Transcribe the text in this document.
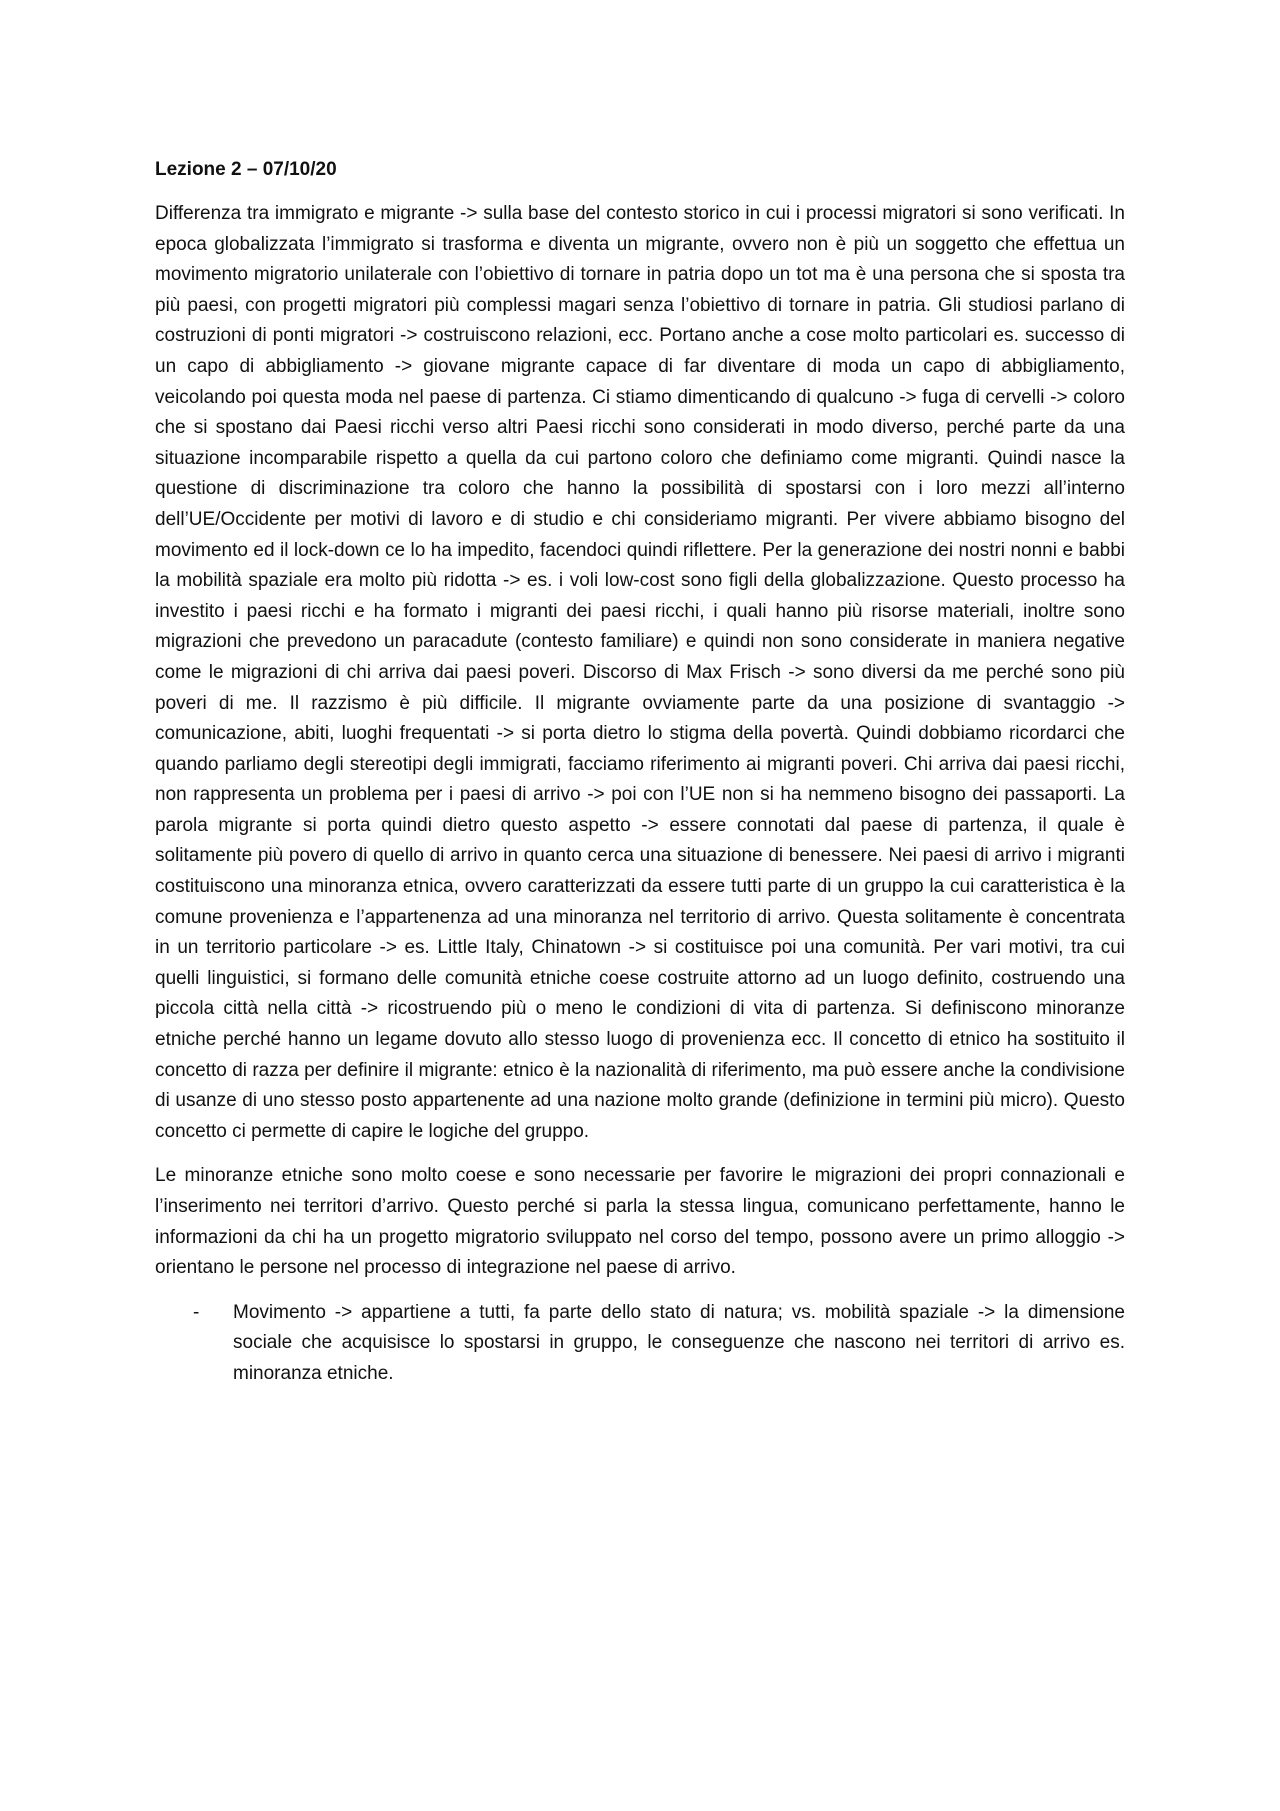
Lezione 2 – 07/10/20

Differenza tra immigrato e migrante -> sulla base del contesto storico in cui i processi migratori si sono verificati. In epoca globalizzata l’immigrato si trasforma e diventa un migrante, ovvero non è più un soggetto che effettua un movimento migratorio unilaterale con l’obiettivo di tornare in patria dopo un tot ma è una persona che si sposta tra più paesi, con progetti migratori più complessi magari senza l’obiettivo di tornare in patria. Gli studiosi parlano di costruzioni di ponti migratori -> costruiscono relazioni, ecc. Portano anche a cose molto particolari es. successo di un capo di abbigliamento -> giovane migrante capace di far diventare di moda un capo di abbigliamento, veicolando poi questa moda nel paese di partenza. Ci stiamo dimenticando di qualcuno -> fuga di cervelli -> coloro che si spostano dai Paesi ricchi verso altri Paesi ricchi sono considerati in modo diverso, perché parte da una situazione incomparabile rispetto a quella da cui partono coloro che definiamo come migranti. Quindi nasce la questione di discriminazione tra coloro che hanno la possibilità di spostarsi con i loro mezzi all’interno dell’UE/Occidente per motivi di lavoro e di studio e chi consideriamo migranti. Per vivere abbiamo bisogno del movimento ed il lock-down ce lo ha impedito, facendoci quindi riflettere. Per la generazione dei nostri nonni e babbi la mobilità spaziale era molto più ridotta -> es. i voli low-cost sono figli della globalizzazione. Questo processo ha investito i paesi ricchi e ha formato i migranti dei paesi ricchi, i quali hanno più risorse materiali, inoltre sono migrazioni che prevedono un paracadute (contesto familiare) e quindi non sono considerate in maniera negative come le migrazioni di chi arriva dai paesi poveri. Discorso di Max Frisch -> sono diversi da me perché sono più poveri di me. Il razzismo è più difficile. Il migrante ovviamente parte da una posizione di svantaggio -> comunicazione, abiti, luoghi frequentati -> si porta dietro lo stigma della povertà. Quindi dobbiamo ricordarci che quando parliamo degli stereotipi degli immigrati, facciamo riferimento ai migranti poveri. Chi arriva dai paesi ricchi, non rappresenta un problema per i paesi di arrivo -> poi con l’UE non si ha nemmeno bisogno dei passaporti. La parola migrante si porta quindi dietro questo aspetto -> essere connotati dal paese di partenza, il quale è solitamente più povero di quello di arrivo in quanto cerca una situazione di benessere. Nei paesi di arrivo i migranti costituiscono una minoranza etnica, ovvero caratterizzati da essere tutti parte di un gruppo la cui caratteristica è la comune provenienza e l’appartenenza ad una minoranza nel territorio di arrivo. Questa solitamente è concentrata in un territorio particolare -> es. Little Italy, Chinatown -> si costituisce poi una comunità. Per vari motivi, tra cui quelli linguistici, si formano delle comunità etniche coese costruite attorno ad un luogo definito, costruendo una piccola città nella città -> ricostruendo più o meno le condizioni di vita di partenza. Si definiscono minoranze etniche perché hanno un legame dovuto allo stesso luogo di provenienza ecc. Il concetto di etnico ha sostituito il concetto di razza per definire il migrante: etnico è la nazionalità di riferimento, ma può essere anche la condivisione di usanze di uno stesso posto appartenente ad una nazione molto grande (definizione in termini più micro). Questo concetto ci permette di capire le logiche del gruppo.

Le minoranze etniche sono molto coese e sono necessarie per favorire le migrazioni dei propri connazionali e l’inserimento nei territori d’arrivo. Questo perché si parla la stessa lingua, comunicano perfettamente, hanno le informazioni da chi ha un progetto migratorio sviluppato nel corso del tempo, possono avere un primo alloggio -> orientano le persone nel processo di integrazione nel paese di arrivo.

- Movimento -> appartiene a tutti, fa parte dello stato di natura; vs. mobilità spaziale -> la dimensione sociale che acquisisce lo spostarsi in gruppo, le conseguenze che nascono nei territori di arrivo es. minoranza etniche.
